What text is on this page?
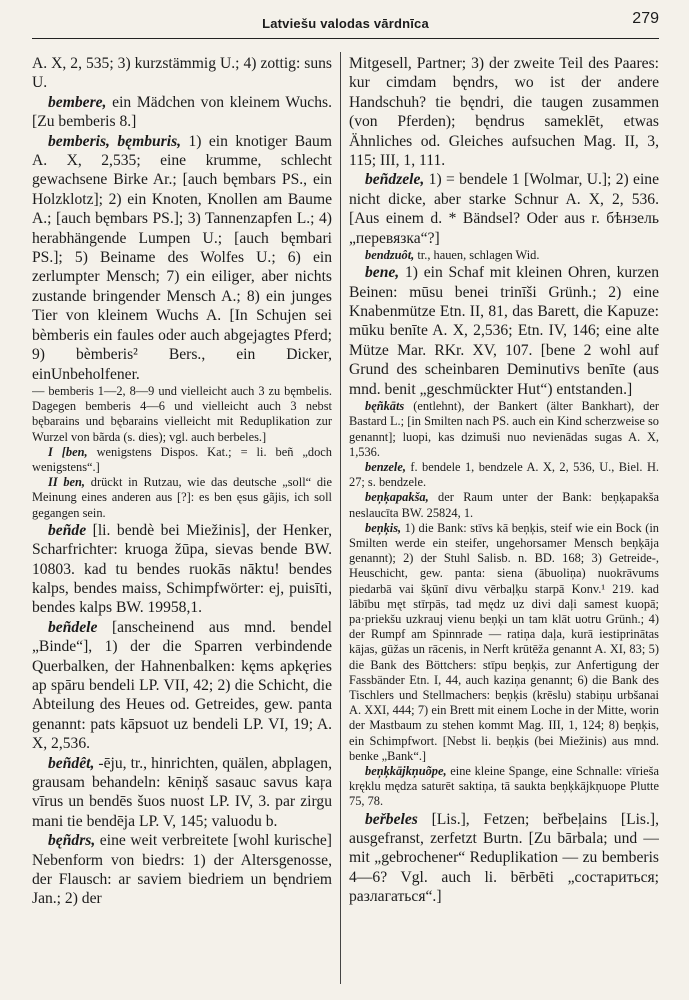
Latviešu valodas vārdnīca	279

A. X, 2, 535; 3) kurzstämmig U.; 4) zottig: suns U.

bembere, ein Mädchen von kleinem Wuchs. [Zu bemberis 8.]

bemberis, bęmburis, 1) ein knotiger Baum A. X, 2,535; eine krumme, schlecht gewachsene Birke Ar.; [auch bęmbars PS., ein Holzklotz]; 2) ein Knoten, Knollen am Baume A.; [auch bęmbars PS.]; 3) Tannenzapfen L.; 4) herabhängende Lumpen U.; [auch bęmbari PS.]; 5) Beiname des Wolfes U.; 6) ein zerlumpter Mensch; 7) ein eiliger, aber nichts zustande bringender Mensch A.; 8) ein junges Tier von kleinem Wuchs A. [In Schujen sei bèmberis ein faules oder auch abgejagtes Pferd; 9) bèmberis² Bers., ein Dicker, einUnbeholfener.

— bemberis 1—2, 8—9 und vielleicht auch 3 zu bęmbelis. Dagegen bemberis 4—6 und vielleicht auch 3 nebst bębarains und bębarains vielleicht mit Reduplikation zur Wurzel von bãrda (s. dies); vgl. auch berbeles.]

I [ben, wenigstens Dispos. Kat.; = li. beñ „doch wenigstens“.]

II ben, drückt in Rutzau, wie das deutsche „soll“ die Meinung eines anderen aus [?]: es ben ęsus gãjis, ich soll gegangen sein.

beñde [li. bendè bei Miežinis], der Henker, Scharfrichter: kruoga žūpa, sievas bende BW. 10803. kad tu bendes ruokās nāktu! bendes kalps, bendes maiss, Schimpfwörter: ej, puisīti, bendes kalps BW. 19958,1.

beñdele [anscheinend aus mnd. bendel „Binde“], 1) der die Sparren verbindende Querbalken, der Hahnenbalken: kęms apkęries ap spāru bendeli LP. VII, 42; 2) die Schicht, die Abteilung des Heues od. Getreides, gew. panta genannt: pats kāpsuot uz bendeli LP. VI, 19; A. X, 2,536.

beñdêt, -ēju, tr., hinrichten, quälen, abplagen, grausam behandeln: kēniņš sasauc savus kaŗa vīrus un bendēs šuos nuost LP. IV, 3. par zirgu mani tie bendēja LP. V, 145; valuodu b.

bęñdrs, eine weit verbreitete [wohl kurische] Nebenform von biedrs: 1) der Altersgenosse, der Flausch: ar saviem biedriem un bęndriem Jan.; 2) der

Mitgesell, Partner; 3) der zweite Teil des Paares: kur cimdam bęndrs, wo ist der andere Handschuh? tie bęndri, die taugen zusammen (von Pferden); bęndrus sameklēt, etwas Ähnliches od. Gleiches aufsuchen Mag. II, 3, 115; III, 1, 111.

beñdzele, 1) = bendele 1 [Wolmar, U.]; 2) eine nicht dicke, aber starke Schnur A. X, 2, 536. [Aus einem d. * Bändsel? Oder aus r. бѣнзель „перевязка“?]

bendzuôt, tr., hauen, schlagen Wid.

bene, 1) ein Schaf mit kleinen Ohren, kurzen Beinen: mūsu benei trinīši Grünh.; 2) eine Knabenmütze Etn. II, 81, das Barett, die Kapuze: mūku benīte A. X, 2,536; Etn. IV, 146; eine alte Mütze Mar. RKr. XV, 107. [bene 2 wohl auf Grund des scheinbaren Deminutivs benīte (aus mnd. benit „geschmückter Hut“) entstanden.]

bęñkāts (entlehnt), der Bankert (älter Bankhart), der Bastard L.; [in Smilten nach PS. auch ein Kind scherzweise so genannt]; luopi, kas dzimuši nuo nevienādas sugas A. X, 1,536.

benzele, f. bendele 1, bendzele A. X, 2, 536, U., Biel. H. 27; s. bendzele.

beņķapakša, der Raum unter der Bank: beņķapakša neslaucīta BW. 25824, 1.

beņķis, 1) die Bank: stīvs kā beņķis, steif wie ein Bock (in Smilten werde ein steifer, ungehorsamer Mensch beņķāja genannt); 2) der Stuhl Salisb. n. BD. 168; 3) Getreide-, Heuschicht, gew. panta: siena (ābuoliņa) nuokrāvums piedarbā vai šķūnī divu vērbaļķu starpā Konv.¹ 219. kad lābību męt stīrpās, tad mędz uz divi daļi samest kuopā; pa·priekšu uzkrauj vienu beņķi un tam klāt uotru Grünh.; 4) der Rumpf am Spinnrade — ratiņa daļa, kurā iestiprinātas kājas, gūžas un rācenis, in Nerft krūtēža genannt A. XI, 83; 5) die Bank des Böttchers: stīpu beņķis, zur Anfertigung der Fassbänder Etn. I, 44, auch kaziņa genannt; 6) die Bank des Tischlers und Stellmachers: beņķis (krēslu) stabiņu urbšanai A. XXI, 444; 7) ein Brett mit einem Loche in der Mitte, worin der Mastbaum zu stehen kommt Mag. III, 1, 124; 8) beņķis, ein Schimpfwort. [Nebst li. beņķis (bei Miežinis) aus mnd. benke „Bank“.]

beņķkājkņuõpe, eine kleine Spange, eine Schnalle: vīriešа kręklu mędza saturēt saktiņa, tā saukta beņķkājkņuope Plutte 75, 78.

beřbeles [Lis.], Fetzen; beřbeļains [Lis.], ausgefranst, zerfetzt Burtn. [Zu bārbala; und — mit „gebrochener“ Reduplikation — zu bemberis 4—6? Vgl. auch li. bērbēti „состариться; разлагаться“.]
